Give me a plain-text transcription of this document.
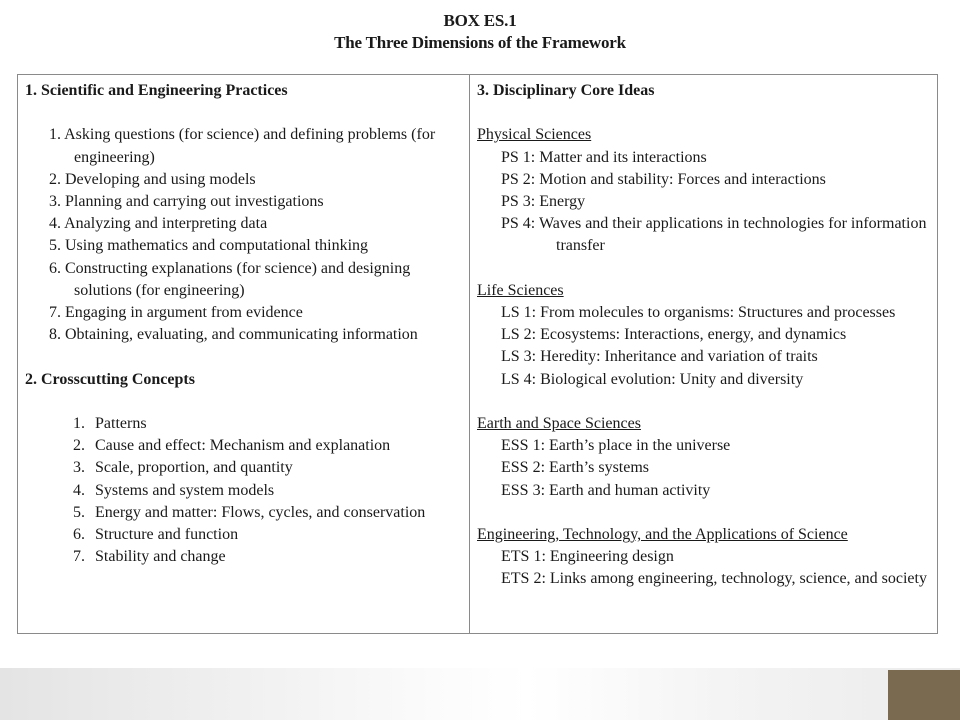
BOX ES.1
The Three Dimensions of the Framework
1. Scientific and Engineering Practices
1. Asking questions (for science) and defining problems (for engineering)
2. Developing and using models
3. Planning and carrying out investigations
4. Analyzing and interpreting data
5. Using mathematics and computational thinking
6. Constructing explanations (for science) and designing solutions (for engineering)
7. Engaging in argument from evidence
8. Obtaining, evaluating, and communicating information
2. Crosscutting Concepts
1. Patterns
2. Cause and effect: Mechanism and explanation
3. Scale, proportion, and quantity
4. Systems and system models
5. Energy and matter: Flows, cycles, and conservation
6. Structure and function
7. Stability and change
3. Disciplinary Core Ideas
Physical Sciences
PS 1: Matter and its interactions
PS 2: Motion and stability: Forces and interactions
PS 3: Energy
PS 4: Waves and their applications in technologies for information transfer
Life Sciences
LS 1: From molecules to organisms: Structures and processes
LS 2: Ecosystems: Interactions, energy, and dynamics
LS 3: Heredity: Inheritance and variation of traits
LS 4: Biological evolution: Unity and diversity
Earth and Space Sciences
ESS 1: Earth’s place in the universe
ESS 2: Earth’s systems
ESS 3: Earth and human activity
Engineering, Technology, and the Applications of Science
ETS 1: Engineering design
ETS 2: Links among engineering, technology, science, and society
